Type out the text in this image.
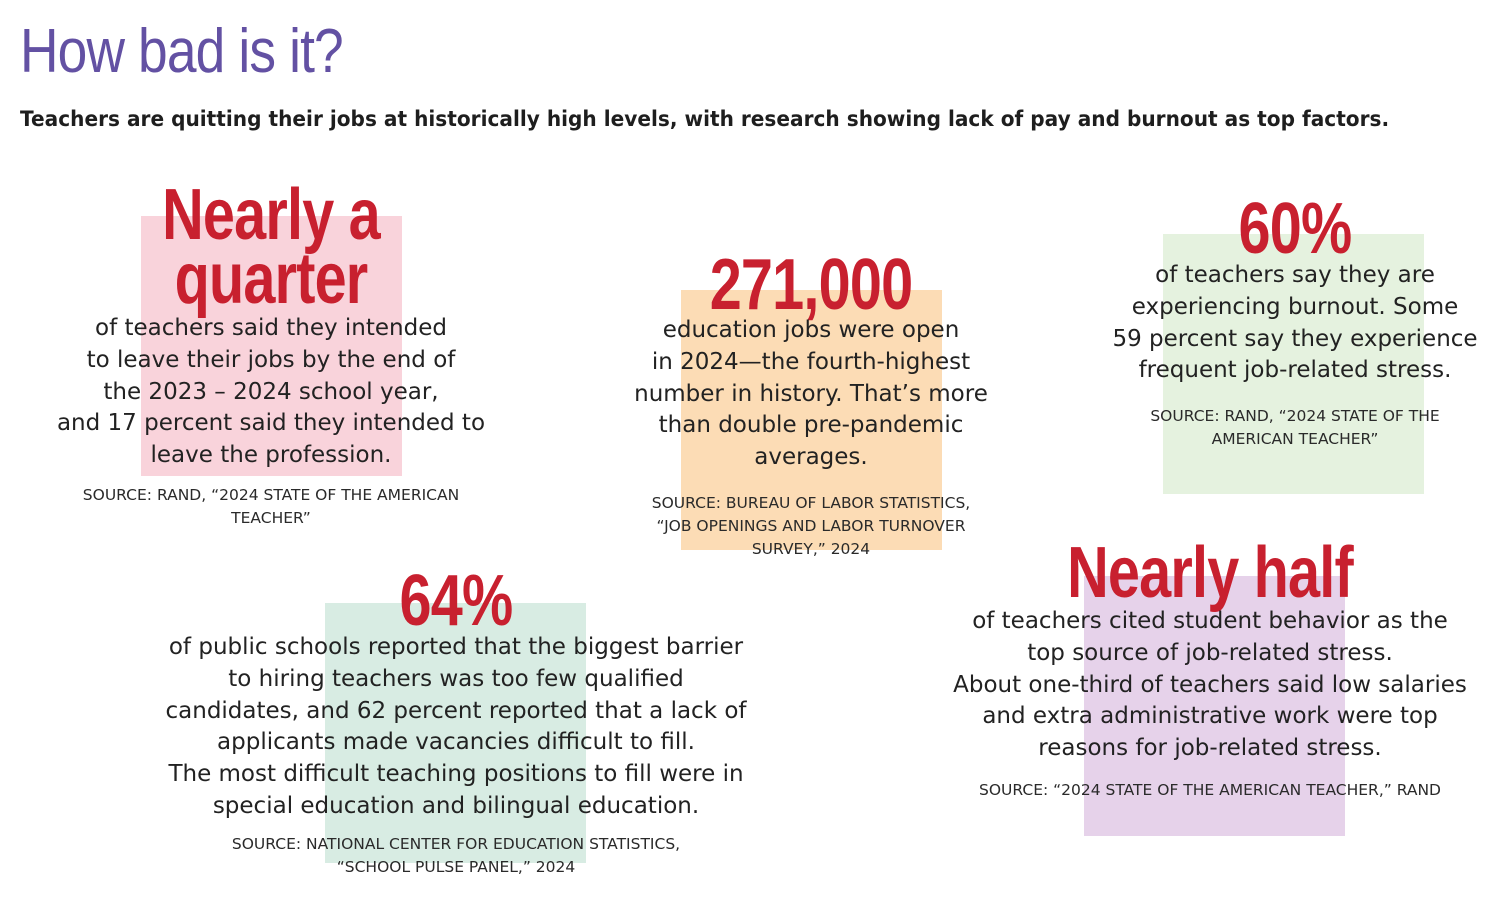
How bad is it?

Teachers are quitting their jobs at historically high levels, with research showing lack of pay and burnout as top factors.

Nearly a
quarter
of teachers said they intended
to leave their jobs by the end of
the 2023 – 2024 school year,
and 17 percent said they intended to
leave the profession.
SOURCE: RAND, “2024 STATE OF THE AMERICAN
TEACHER”
271,000
education jobs were open
in 2024—the fourth-highest
number in history. That’s more
than double pre-pandemic
averages.
SOURCE: BUREAU OF LABOR STATISTICS,
“JOB OPENINGS AND LABOR TURNOVER
SURVEY,” 2024
60%
of teachers say they are
experiencing burnout. Some
59 percent say they experience
frequent job-related stress.
SOURCE: RAND, “2024 STATE OF THE
AMERICAN TEACHER”
64%
of public schools reported that the biggest barrier
to hiring teachers was too few qualified
candidates, and 62 percent reported that a lack of
applicants made vacancies difficult to fill.
The most difficult teaching positions to fill were in
special education and bilingual education.
SOURCE: NATIONAL CENTER FOR EDUCATION STATISTICS,
“SCHOOL PULSE PANEL,” 2024
Nearly half
of teachers cited student behavior as the
top source of job-related stress.
About one-third of teachers said low salaries
and extra administrative work were top
reasons for job-related stress.
SOURCE: “2024 STATE OF THE AMERICAN TEACHER,” RAND
